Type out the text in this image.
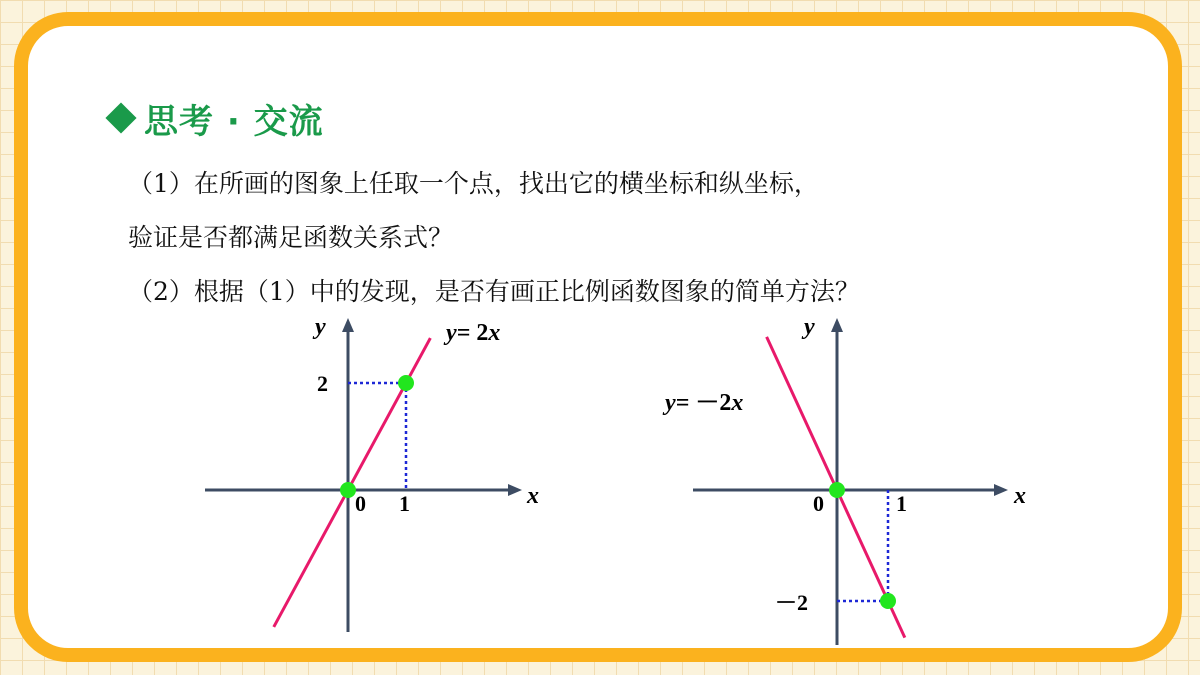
思考 · 交流
（1）在所画的图象上任取一个点，找出它的横坐标和纵坐标，
验证是否都满足函数关系式？
（2）根据（1）中的发现，是否有画正比例函数图象的简单方法？
y
x
0 1
2
y= 2x	y
x
0	1
－2
y= －2x
